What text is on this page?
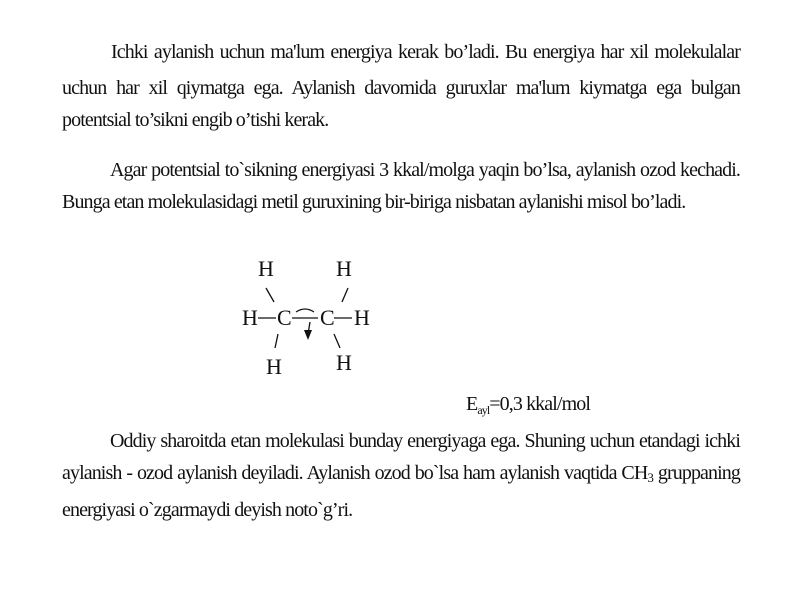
Ichki aylanish uchun ma'lum energiya kerak bo’ladi. Bu energiya har xil molekulalar uchun har xil qiymatga ega. Aylanish davomida guruxlar ma'lum kiymatga ega bulgan potentsial to’sikni engib o’tishi kerak.

Agar potentsial to`sikning energiyasi 3 kkal/molga yaqin bo’lsa, aylanish ozod kechadi. Bunga etan molekulasidagi metil guruxining bir-biriga nisbatan aylanishi misol bo’ladi.

H	H
H C C H
H H
$E_{ayl}=0,3$ kkal/mol

Oddiy sharoitda etan molekulasi bunday energiyaga ega. Shuning uchun etandagi ichki aylanish - ozod aylanish deyiladi. Aylanish ozod bo`lsa ham aylanish vaqtida $CH_3$ gruppaning energiyasi o`zgarmaydi deyish noto`g’ri.
